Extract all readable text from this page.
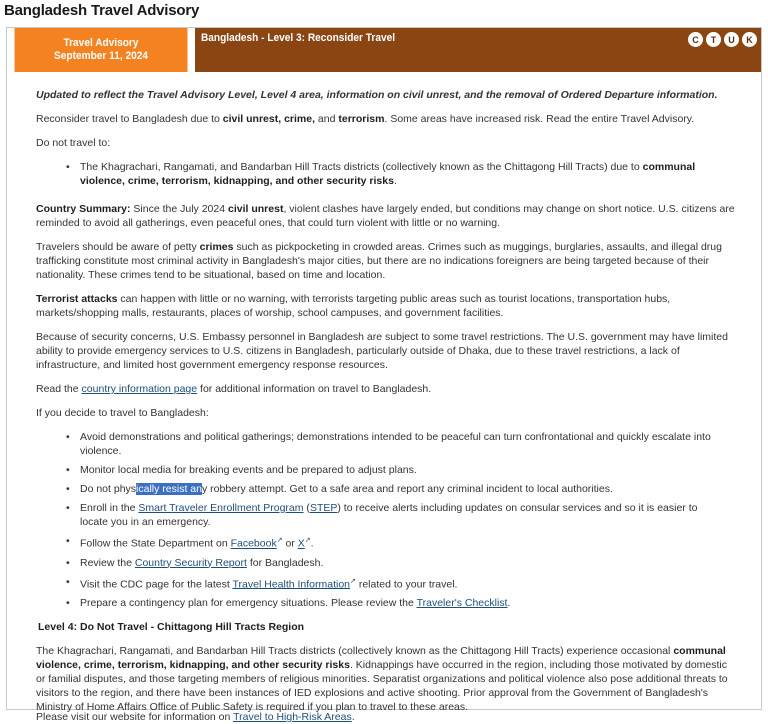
Bangladesh Travel Advisory
Travel Advisory
September 11, 2024
Bangladesh - Level 3: Reconsider Travel	C	T	U	K

Updated to reflect the Travel Advisory Level, Level 4 area, information on civil unrest, and the removal of Ordered Departure information.

Reconsider travel to Bangladesh due to civil unrest, crime, and terrorism. Some areas have increased risk. Read the entire Travel Advisory.

Do not travel to:

• The Khagrachari, Rangamati, and Bandarban Hill Tracts districts (collectively known as the Chittagong Hill Tracts) due to communal violence, crime, terrorism, kidnapping, and other security risks.

Country Summary: Since the July 2024 civil unrest, violent clashes have largely ended, but conditions may change on short notice. U.S. citizens are reminded to avoid all gatherings, even peaceful ones, that could turn violent with little or no warning.

Travelers should be aware of petty crimes such as pickpocketing in crowded areas. Crimes such as muggings, burglaries, assaults, and illegal drug trafficking constitute most criminal activity in Bangladesh's major cities, but there are no indications foreigners are being targeted because of their nationality. These crimes tend to be situational, based on time and location.

Terrorist attacks can happen with little or no warning, with terrorists targeting public areas such as tourist locations, transportation hubs, markets/shopping malls, restaurants, places of worship, school campuses, and government facilities.

Because of security concerns, U.S. Embassy personnel in Bangladesh are subject to some travel restrictions. The U.S. government may have limited ability to provide emergency services to U.S. citizens in Bangladesh, particularly outside of Dhaka, due to these travel restrictions, a lack of infrastructure, and limited host government emergency response resources.

Read the country information page for additional information on travel to Bangladesh.

If you decide to travel to Bangladesh:

• Avoid demonstrations and political gatherings; demonstrations intended to be peaceful can turn confrontational and quickly escalate into violence.
• Monitor local media for breaking events and be prepared to adjust plans.
• Do not physically resist any robbery attempt. Get to a safe area and report any criminal incident to local authorities.
• Enroll in the Smart Traveler Enrollment Program (STEP) to receive alerts including updates on consular services and so it is easier to locate you in an emergency.
• Follow the State Department on Facebook↗ or X↗.
• Review the Country Security Report for Bangladesh.
• Visit the CDC page for the latest Travel Health Information↗ related to your travel.
• Prepare a contingency plan for emergency situations. Please review the Traveler's Checklist.

Level 4: Do Not Travel - Chittagong Hill Tracts Region

The Khagrachari, Rangamati, and Bandarban Hill Tracts districts (collectively known as the Chittagong Hill Tracts) experience occasional communal violence, crime, terrorism, kidnapping, and other security risks. Kidnappings have occurred in the region, including those motivated by domestic or familial disputes, and those targeting members of religious minorities. Separatist organizations and political violence also pose additional threats to visitors to the region, and there have been instances of IED explosions and active shooting. Prior approval from the Government of Bangladesh's Ministry of Home Affairs Office of Public Safety is required if you plan to travel to these areas.

Please visit our website for information on Travel to High-Risk Areas.
